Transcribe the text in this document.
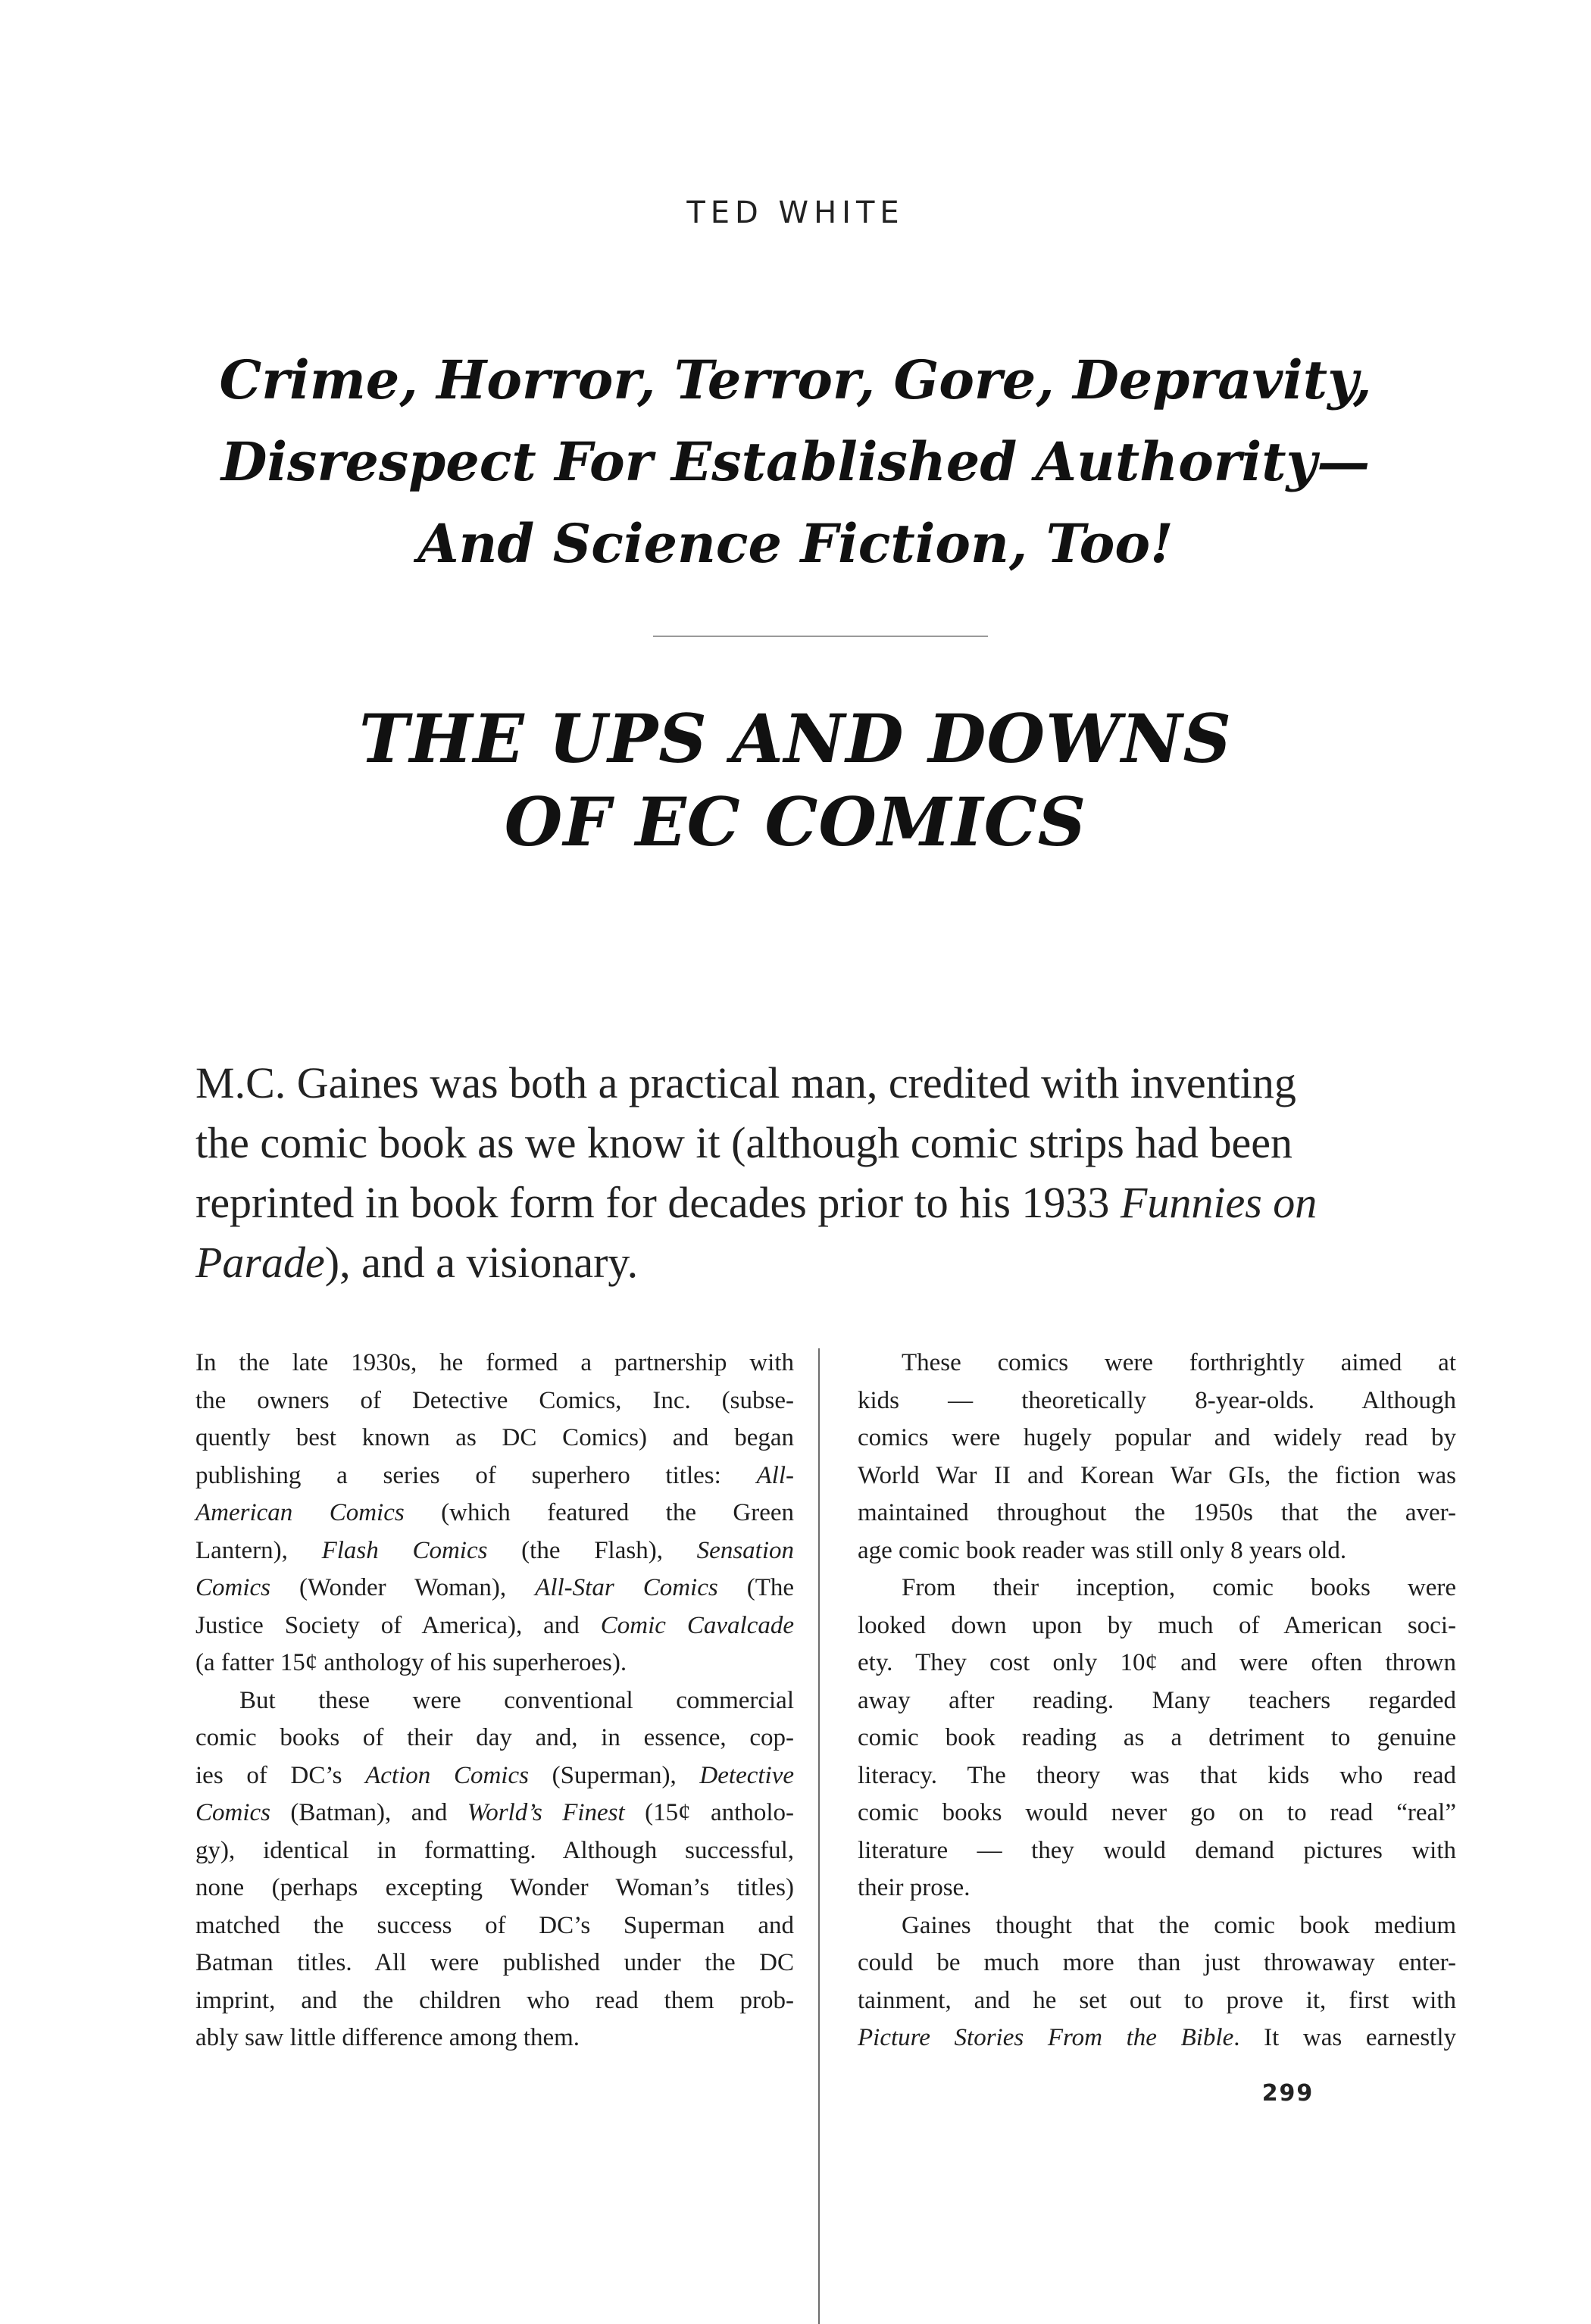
TED WHITE
Crime, Horror, Terror, Gore, Depravity,
Disrespect For Established Authority—
And Science Fiction, Too!
THE UPS AND DOWNS
OF EC COMICS
M.C. Gaines was both a practical man, credited with inventing
the comic book as we know it (although comic strips had been
reprinted in book form for decades prior to his 1933 Funnies on
Parade), and a visionary.
In the late 1930s, he formed a partnership with
the owners of Detective Comics, Inc. (subse-
quently best known as DC Comics) and began
publishing a series of superhero titles: All-
American Comics (which featured the Green
Lantern), Flash Comics (the Flash), Sensation
Comics (Wonder Woman), All-Star Comics (The
Justice Society of America), and Comic Cavalcade
(a fatter 15¢ anthology of his superheroes).
But these were conventional commercial
comic books of their day and, in essence, cop-
ies of DC’s Action Comics (Superman), Detective
Comics (Batman), and World’s Finest (15¢ antholo-
gy), identical in formatting. Although successful,
none (perhaps excepting Wonder Woman’s titles)
matched the success of DC’s Superman and
Batman titles. All were published under the DC
imprint, and the children who read them prob-
ably saw little difference among them.
These comics were forthrightly aimed at
kids — theoretically 8-year-olds. Although
comics were hugely popular and widely read by
World War II and Korean War GIs, the fiction was
maintained throughout the 1950s that the aver-
age comic book reader was still only 8 years old.
From their inception, comic books were
looked down upon by much of American soci-
ety. They cost only 10¢ and were often thrown
away after reading. Many teachers regarded
comic book reading as a detriment to genuine
literacy. The theory was that kids who read
comic books would never go on to read “real”
literature — they would demand pictures with
their prose.
Gaines thought that the comic book medium
could be much more than just throwaway enter-
tainment, and he set out to prove it, first with
Picture Stories From the Bible. It was earnestly
299
